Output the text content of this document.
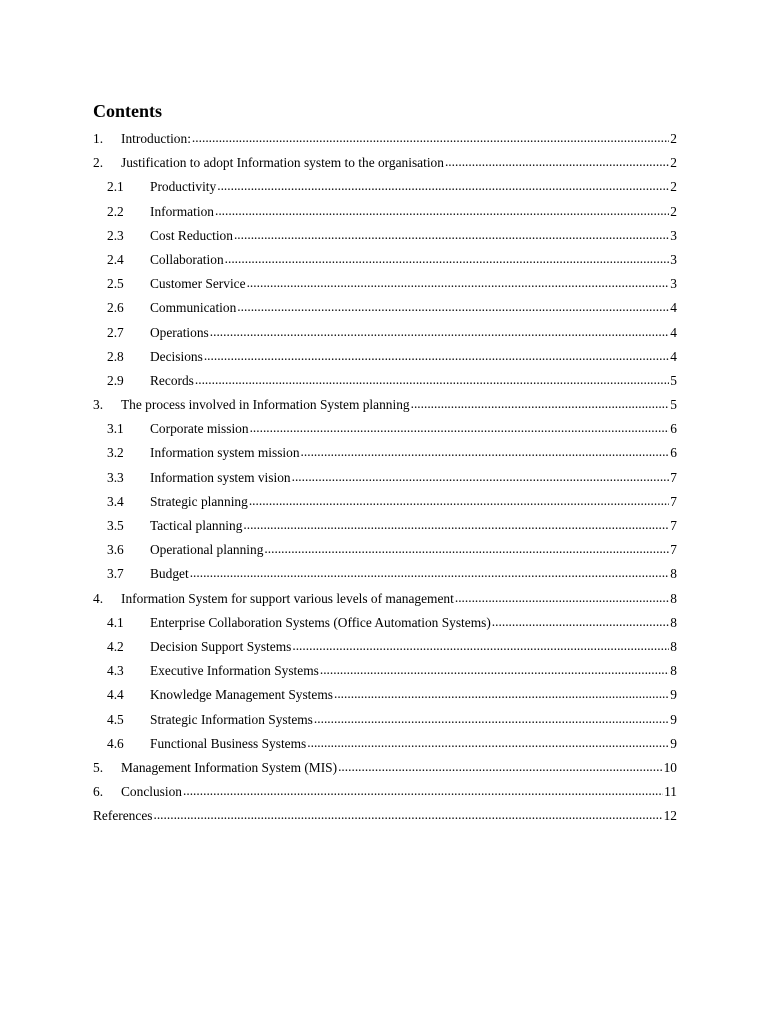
Contents
1.	Introduction: .....	2
2.	Justification to adopt Information system to the organisation .....	2
2.1	Productivity .....	2
2.2	Information .....	2
2.3	Cost Reduction .....	3
2.4	Collaboration .....	3
2.5	Customer Service .....	3
2.6	Communication .....	4
2.7	Operations .....	4
2.8	Decisions .....	4
2.9	Records .....	5
3.	The process involved in Information System planning .....	5
3.1	Corporate mission .....	6
3.2	Information system mission .....	6
3.3	Information system vision .....	7
3.4	Strategic planning .....	7
3.5	Tactical planning .....	7
3.6	Operational planning .....	7
3.7	Budget .....	8
4.	Information System for support various levels of management .....	8
4.1	Enterprise Collaboration Systems (Office Automation Systems) .....	8
4.2	Decision Support Systems .....	8
4.3	Executive Information Systems .....	8
4.4	Knowledge Management Systems .....	9
4.5	Strategic Information Systems .....	9
4.6	Functional Business Systems .....	9
5.	Management Information System (MIS) .....	10
6.	Conclusion .....	11
References .....	12
